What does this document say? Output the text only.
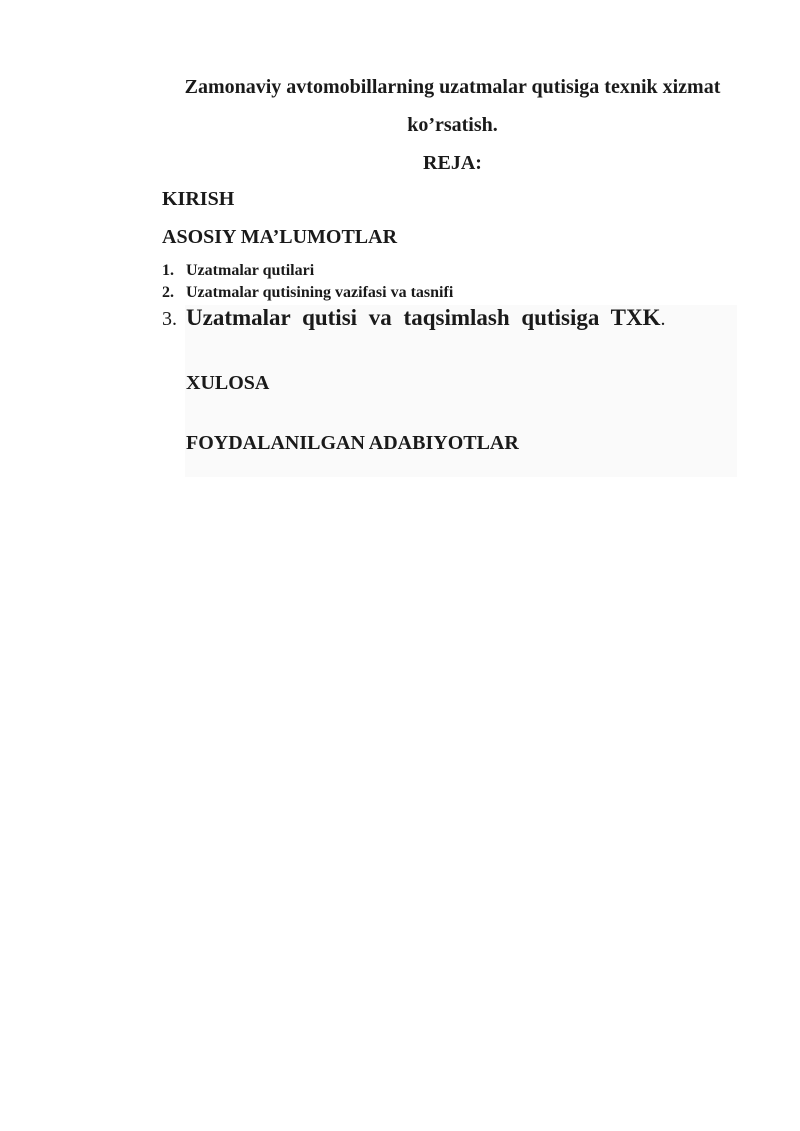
Zamonaviy avtomobillarning uzatmalar qutisiga texnik xizmat

ko’rsatish.

REJA:

KIRISH

ASOSIY MA’LUMOTLAR

1. Uzatmalar qutilari

2. Uzatmalar qutisining vazifasi va tasnifi

3. Uzatmalar qutisi va taqsimlash qutisiga TXK.

XULOSA

FOYDALANILGAN ADABIYOTLAR
